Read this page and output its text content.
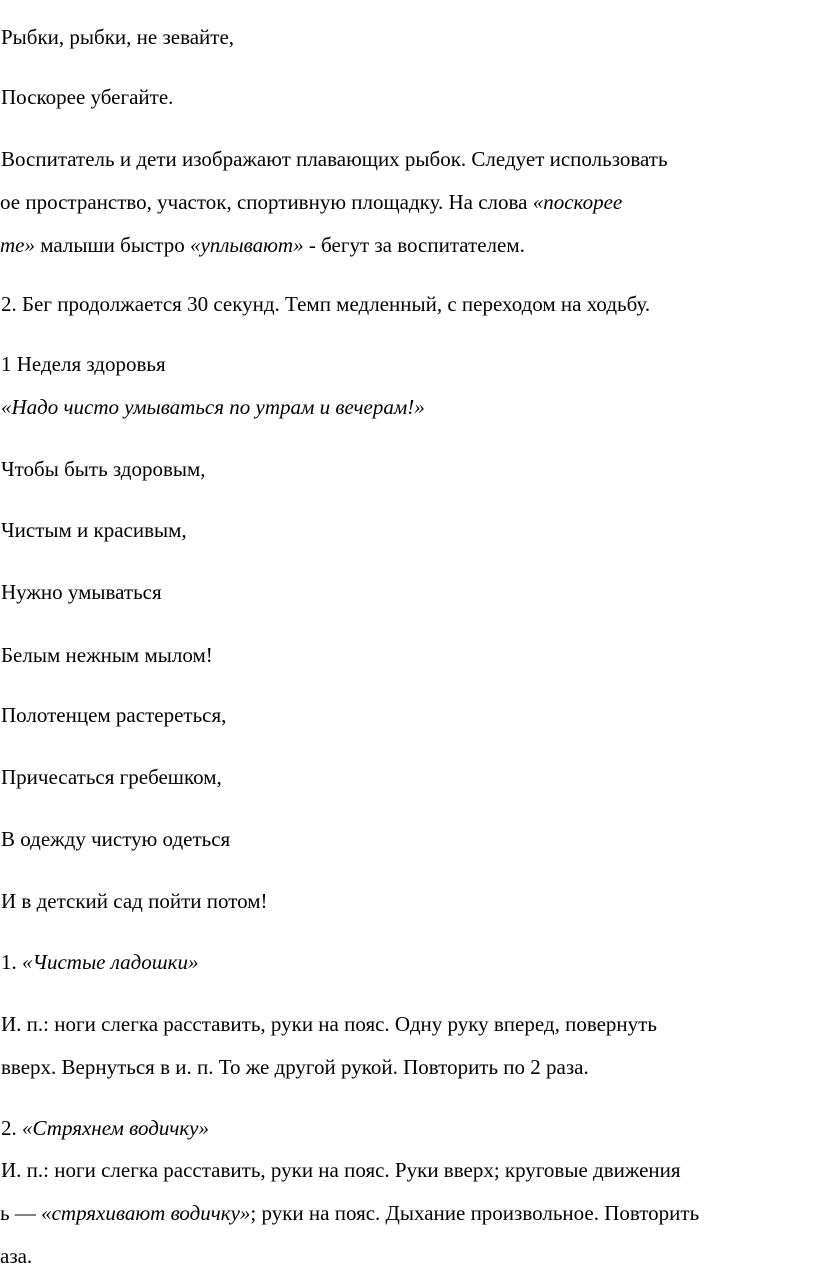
Рыбки, рыбки, не зевайте,
Поскорее убегайте.
Воспитатель и дети изображают плавающих рыбок. Следует использовать
ое пространство, участок, спортивную площадку. На слова «поскорее
те» малыши быстро «уплывают» - бегут за воспитателем.
2. Бег продолжается 30 секунд. Темп медленный, с переходом на ходьбу.
1 Неделя здоровья
«Надо чисто умываться по утрам и вечерам!»
Чтобы быть здоровым,
Чистым и красивым,
Нужно умываться
Белым нежным мылом!
Полотенцем растереться,
Причесаться гребешком,
В одежду чистую одеться
И в детский сад пойти потом!
1. «Чистые ладошки»
И. п.: ноги слегка расставить, руки на пояс. Одну руку вперед, повернуть
вверх. Вернуться в и. п. То же другой рукой. Повторить по 2 раза.
2. «Стряхнем водичку»
И. п.: ноги слегка расставить, руки на пояс. Руки вверх; круговые движения
ь — «стряхивают водичку»; руки на пояс. Дыхание произвольное. Повторить
аза.
